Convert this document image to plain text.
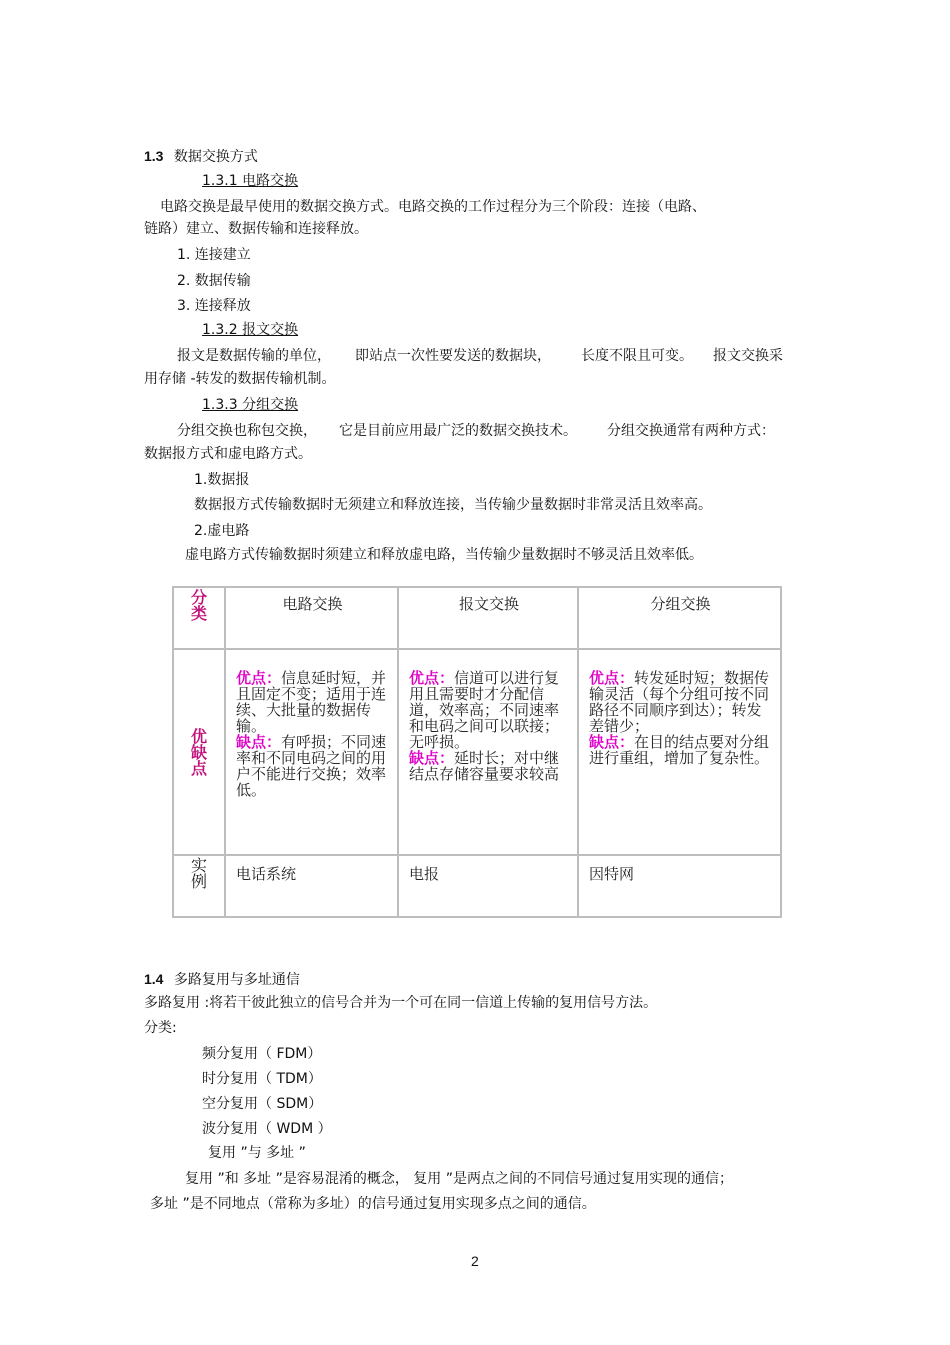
1.3 数据交换方式
1.3.1 电路交换
电路交换是最早使用的数据交换方式。电路交换的工作过程分为三个阶段：连接（电路、
链路）建立、数据传输和连接释放。
1. 连接建立
2. 数据传输
3. 连接释放
1.3.2 报文交换
报文是数据传输的单位， 即站点一次性要发送的数据块， 长度不限且可变。 报文交换采
用存储 -转发的数据传输机制。
1.3.3 分组交换
分组交换也称包交换， 它是目前应用最广泛的数据交换技术。 分组交换通常有两种方式：
数据报方式和虚电路方式。
1.数据报
数据报方式传输数据时无须建立和释放连接，当传输少量数据时非常灵活且效率高。
2.虚电路
虚电路方式传输数据时须建立和释放虚电路，当传输少量数据时不够灵活且效率低。
分类	电路交换	报文交换	分组交换

优缺点	优点：信息延时短，并且固定不变；适用于连续、大批量的数据传输。
缺点：有呼损；不同速率和不同电码之间的用户不能进行交换；效率低。	优点：信道可以进行复用且需要时才分配信道，效率高；不同速率和电码之间可以联接；无呼损。
缺点：延时长；对中继结点存储容量要求较高	优点：转发延时短；数据传输灵活（每个分组可按不同路径不同顺序到达）；转发差错少；
缺点：在目的结点要对分组进行重组，增加了复杂性。

实例	电话系统	电报	因特网
1.4 多路复用与多址通信
多路复用 :将若干彼此独立的信号合并为一个可在同一信道上传输的复用信号方法。
分类:
频分复用（ FDM）
时分复用（ TDM）
空分复用（ SDM）
波分复用（ WDM ）
复用 ”与 多址 ”
复用 ”和 多址 ”是容易混淆的概念， 复用 ”是两点之间的不同信号通过复用实现的通信；
多址 ”是不同地点（常称为多址）的信号通过复用实现多点之间的通信。
2
